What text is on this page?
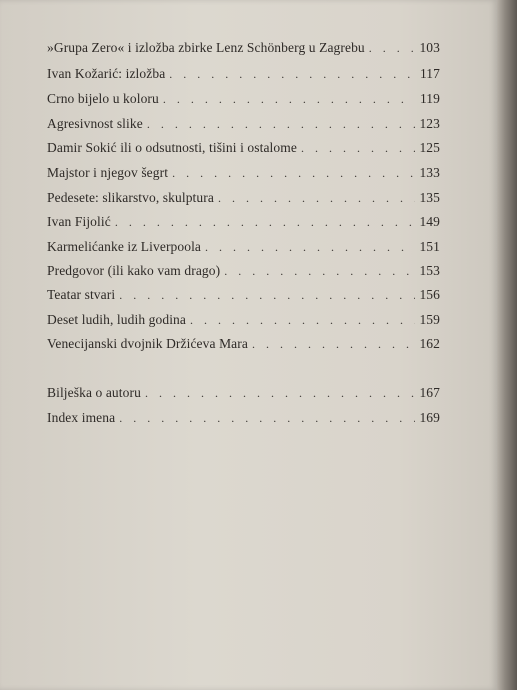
»Grupa Zero« i izložba zbirke Lenz Schönberg u Zagrebu . . .	103
Ivan Kožarić: izložba . . .	117
Crno bijelo u koloru . . .	119
Agresivnost slike . . .	123
Damir Sokić ili o odsutnosti, tišini i ostalome . . .	125
Majstor i njegov šegrt . . .	133
Pedesete: slikarstvo, skulptura . . .	135
Ivan Fijolić . . .	149
Karmelićanke iz Liverpoola . . .	151
Predgovor (ili kako vam drago) . . .	153
Teatar stvari . . .	156
Deset ludih, ludih godina . . .	159
Venecijanski dvojnik Držićeva Mara . . .	162
Bilješka o autoru . . .	167
Index imena . . .	169
